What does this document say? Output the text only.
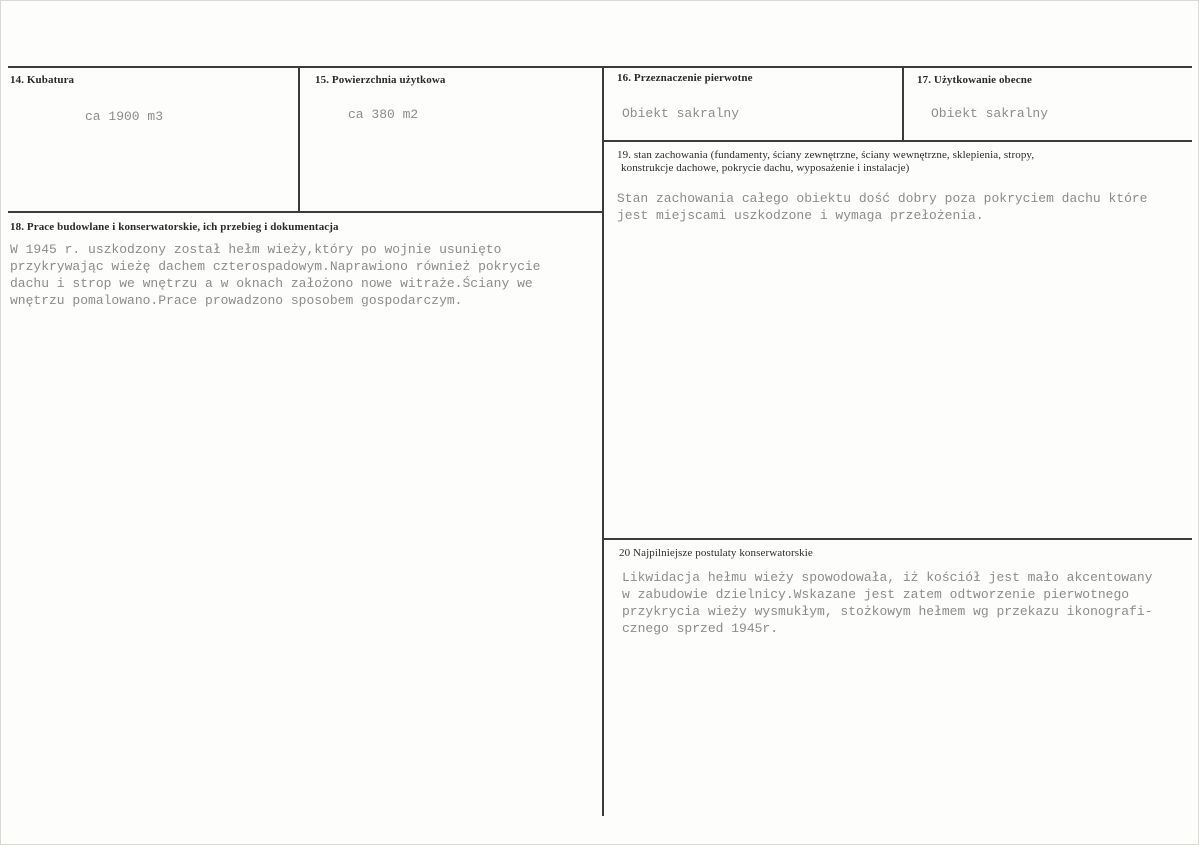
14. Kubatura
ca 1900 m3
15. Powierzchnia użytkowa
ca 380 m2
16. Przeznaczenie pierwotne
Obiekt sakralny
17. Użytkowanie obecne
Obiekt sakralny
18. Prace budowlane i konserwatorskie, ich przebieg i dokumentacja
W 1945 r. uszkodzony został hełm wieży,który po wojnie usunięto
przykrywając wieżę dachem czterospadowym.Naprawiono również pokrycie
dachu i strop we wnętrzu a w oknach założono nowe witraże.Ściany we
wnętrzu pomalowano.Prace prowadzono sposobem gospodarczym.
19. stan zachowania (fundamenty, ściany zewnętrzne, ściany wewnętrzne, sklepienia, stropy,
konstrukcje dachowe, pokrycie dachu, wyposażenie i instalacje)
Stan zachowania całego obiektu dość dobry poza pokryciem dachu które
jest miejscami uszkodzone i wymaga przełożenia.
20 Najpilniejsze postulaty konserwatorskie
Likwidacja hełmu wieży spowodowała, iż kościół jest mało akcentowany
w zabudowie dzielnicy.Wskazane jest zatem odtworzenie pierwotnego
przykrycia wieży wysmukłym, stożkowym hełmem wg przekazu ikonografi-
cznego sprzed 1945r.
